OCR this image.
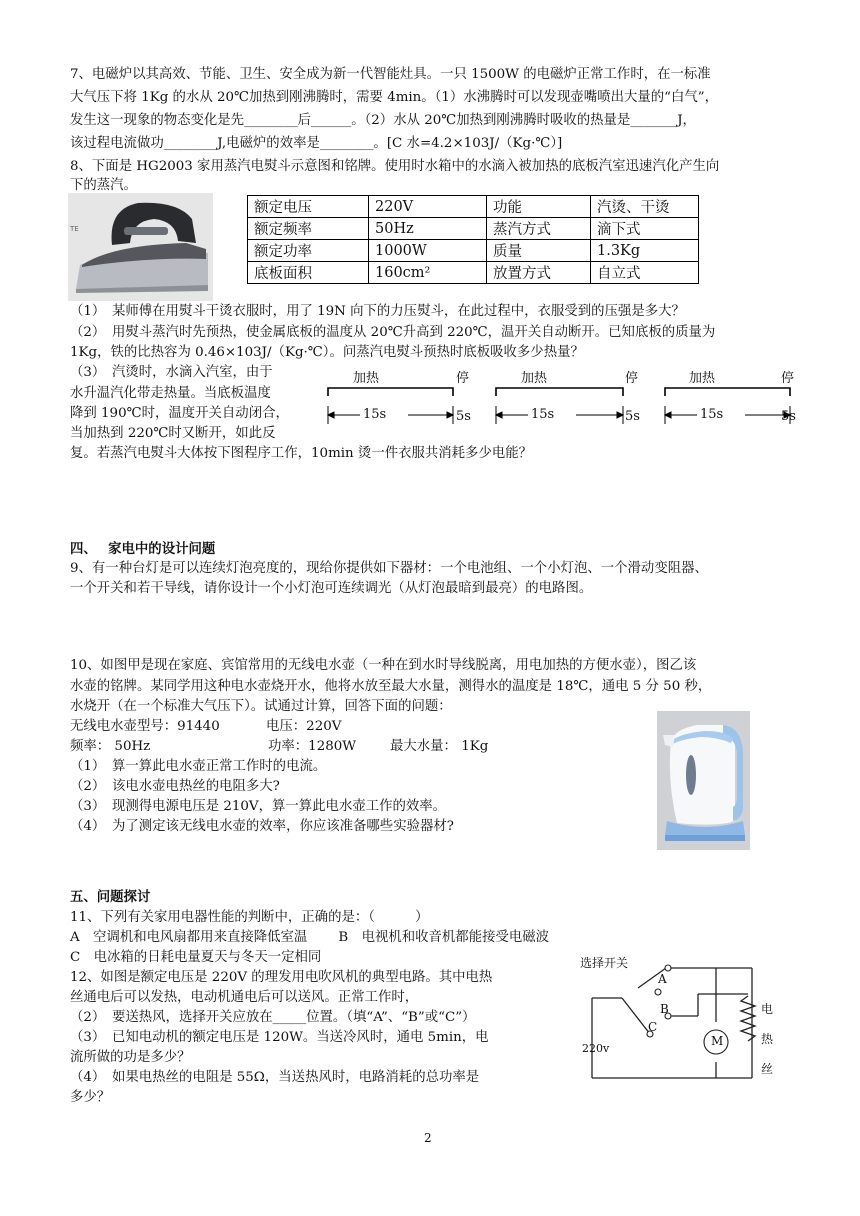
7、电磁炉以其高效、节能、卫生、安全成为新一代智能灶具。一只 1500W 的电磁炉正常工作时，在一标准
大气压下将 1Kg 的水从 20℃加热到刚沸腾时，需要 4min。（1）水沸腾时可以发现壶嘴喷出大量的“白气”，
发生这一现象的物态变化是先________后______。（2）水从 20℃加热到刚沸腾时吸收的热量是_______J，
该过程电流做功________J,电磁炉的效率是________。[C 水=4.2×103J/（Kg·℃）]
8、下面是 HG2003 家用蒸汽电熨斗示意图和铭牌。使用时水箱中的水滴入被加热的底板汽室迅速汽化产生向
下的蒸汽。
TE
额定电压	220V	功能	汽烫、干烫
额定频率	50Hz	蒸汽方式	滴下式
额定功率	1000W	质量	1.3Kg
底板面积	160cm²	放置方式	自立式
（1）　某师傅在用熨斗干烫衣服时，用了 19N 向下的力压熨斗，在此过程中，衣服受到的压强是多大？
（2）　用熨斗蒸汽时先预热，使金属底板的温度从 20℃升高到 220℃，温开关自动断开。已知底板的质量为
1Kg，铁的比热容为 0.46×103J/（Kg·℃）。问蒸汽电熨斗预热时底板吸收多少热量？
（3）　汽烫时，水滴入汽室，由于
水升温汽化带走热量。当底板温度
降到 190℃时，温度开关自动闭合，
当加热到 220℃时又断开，如此反
复。若蒸汽电熨斗大体按下图程序工作，10min 烫一件衣服共消耗多少电能？
加热	停	加热	停	加热	停
15s	5s	15s	5s	15s	5s
四、　 家电中的设计问题
9、有一种台灯是可以连续灯泡亮度的，现给你提供如下器材：一个电池组、一个小灯泡、一个滑动变阻器、
一个开关和若干导线，请你设计一个小灯泡可连续调光（从灯泡最暗到最亮）的电路图。
10、如图甲是现在家庭、宾馆常用的无线电水壶（一种在到水时导线脱离，用电加热的方便水壶），图乙该
水壶的铭牌。某同学用这种电水壶烧开水，他将水放至最大水量，测得水的温度是 18℃，通电 5 分 50 秒，
水烧开（在一个标准大气压下）。试通过计算，回答下面的问题：
无线电水壶型号：91440	电压：220V
频率： 50Hz	功率：1280W	最大水量： 1Kg
（1）　算一算此电水壶正常工作时的电流。
（2）　该电水壶电热丝的电阻多大?
（3）　现测得电源电压是 210V，算一算此电水壶工作的效率。
（4）　为了测定该无线电水壶的效率，你应该准备哪些实验器材?
五、问题探讨
11、下列有关家用电器性能的判断中，正确的是：（　　　）
A　空调机和电风扇都用来直接降低室温　　 B　电视机和收音机都能接受电磁波
C　电冰箱的日耗电量夏天与冬天一定相同
12、如图是额定电压是 220V 的理发用电吹风机的典型电路。其中电热
丝通电后可以发热，电动机通电后可以送风。正常工作时，
（2）　要送热风，选择开关应放在_____位置。（填“A”、“B”或“C”）
（3）　已知电动机的额定电压是 120W。当送冷风时，通电 5min，电
流所做的功是多少？
（4）　如果电热丝的电阻是 55Ω，当送热风时，电路消耗的总功率是
多少？
选择开关
A
B
C
220v
M
电
热
丝
2
